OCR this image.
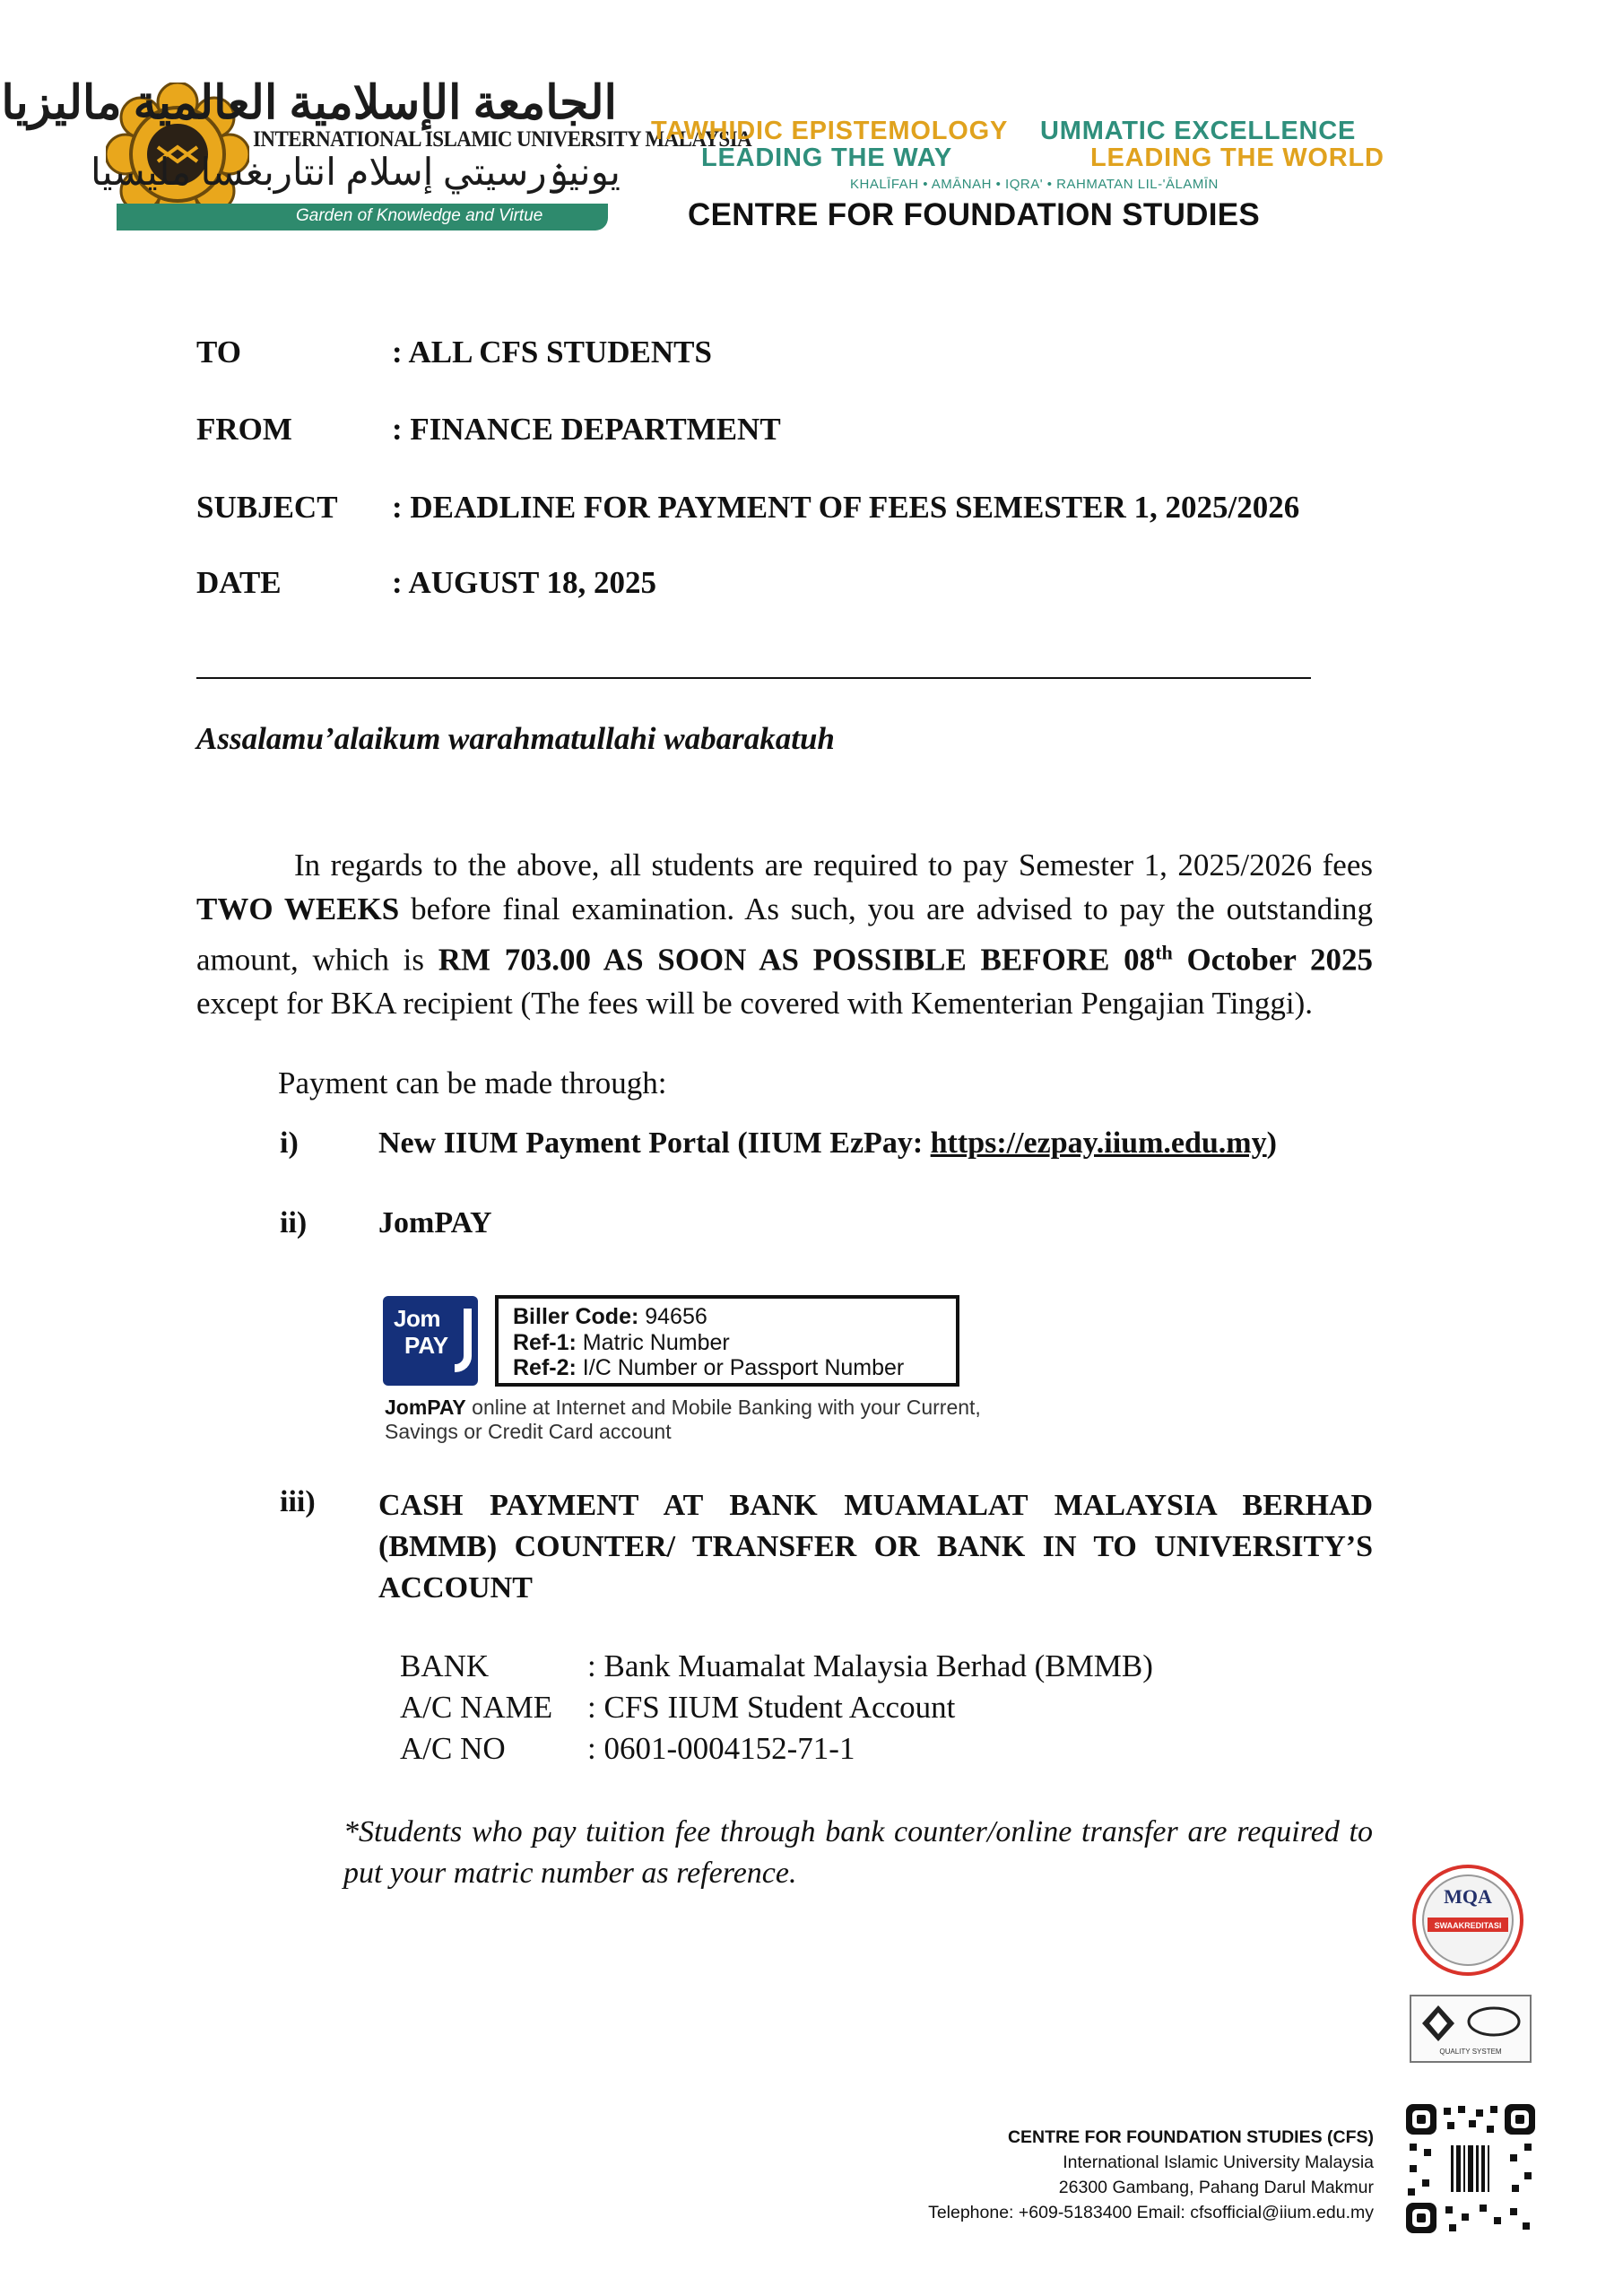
الجامعة الإسلامية العالمية ماليزيا
INTERNATIONAL ISLAMIC UNIVERSITY MALAYSIA
يونيۏرسيتي إسلام انتاربغسا مليسيا
Garden of Knowledge and Virtue
TAWHIDIC EPISTEMOLOGY
LEADING THE WAY
UMMATIC EXCELLENCE
LEADING THE WORLD
KHALĪFAH • AMĀNAH • IQRA' • RAHMATAN LIL-'ĀLAMĪN
CENTRE FOR FOUNDATION STUDIES
TO	: ALL CFS STUDENTS
FROM	: FINANCE DEPARTMENT
SUBJECT : DEADLINE FOR PAYMENT OF FEES SEMESTER 1, 2025/2026
DATE	: AUGUST 18, 2025
Assalamu’alaikum warahmatullahi wabarakatuh
In regards to the above, all students are required to pay Semester 1, 2025/2026 fees TWO WEEKS before final examination. As such, you are advised to pay the outstanding amount, which is RM 703.00 AS SOON AS POSSIBLE BEFORE 08th October 2025 except for BKA recipient (The fees will be covered with Kementerian Pengajian Tinggi).
Payment can be made through:
i)	New IIUM Payment Portal (IIUM EzPay: https://ezpay.iium.edu.my)
ii) JomPAY
Jom
PAY
Biller Code: 94656
Ref-1: Matric Number
Ref-2: I/C Number or Passport Number
JomPAY online at Internet and Mobile Banking with your Current, Savings or Credit Card account
iii) CASH PAYMENT AT BANK MUAMALAT MALAYSIA BERHAD (BMMB) COUNTER/ TRANSFER OR BANK IN TO UNIVERSITY’S ACCOUNT
BANK	: Bank Muamalat Malaysia Berhad (BMMB)
A/C NAME : CFS IIUM Student Account
A/C NO	: 0601-0004152-71-1
*Students who pay tuition fee through bank counter/online transfer are required to put your matric number as reference.
MQA
SWAAKREDITASI
QUALITY SYSTEM
CENTRE FOR FOUNDATION STUDIES (CFS)
International Islamic University Malaysia
26300 Gambang, Pahang Darul Makmur
Telephone: +609-5183400 Email: cfsofficial@iium.edu.my
